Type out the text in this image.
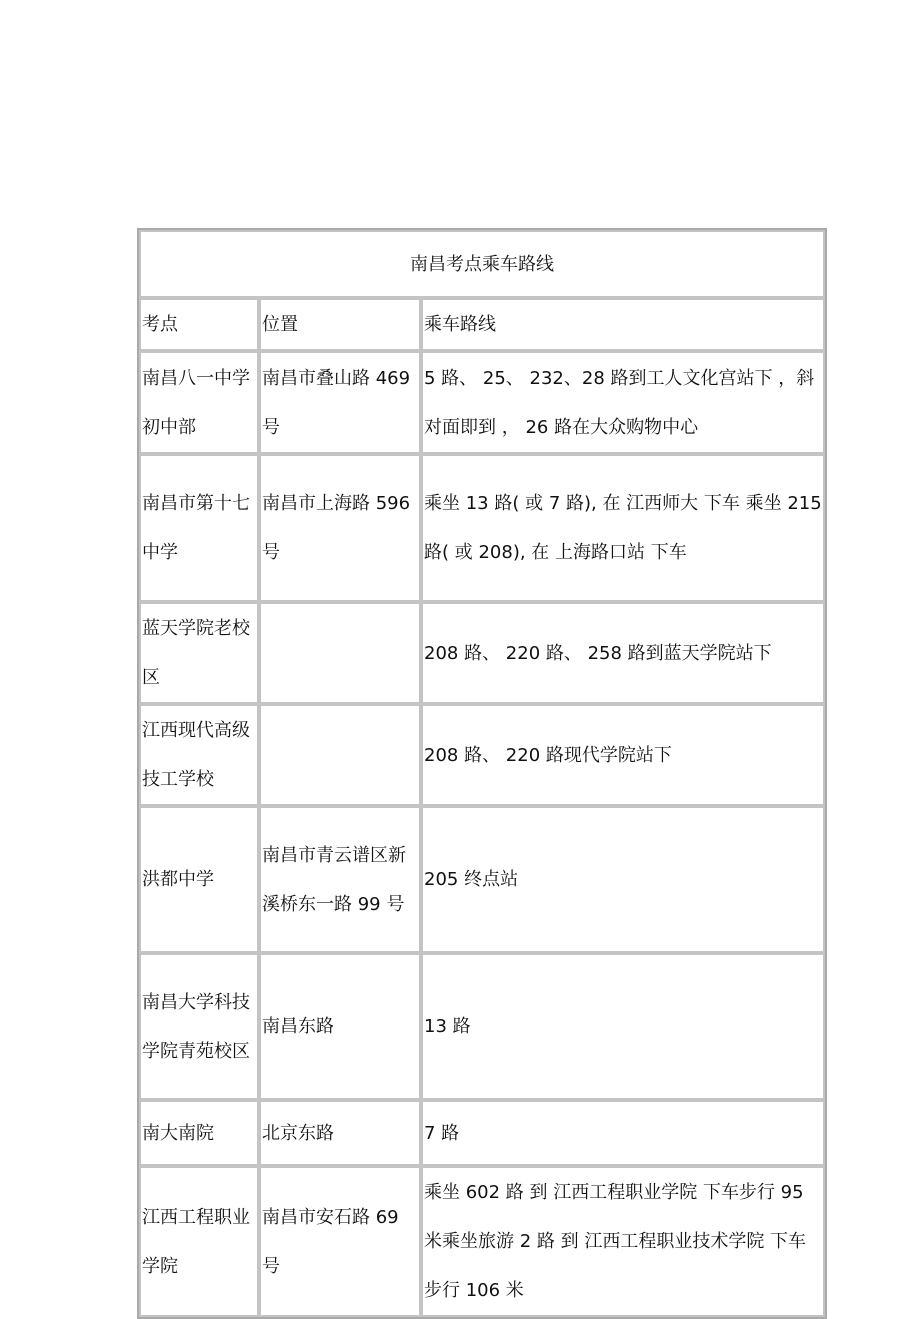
南昌考点乘车路线		
考点	位置	乘车路线
南昌八一中学初中部	南昌市叠山路 469 号	5 路、 25、 232、28 路到工人文化宫站下 ，斜对面即到 ， 26 路在大众购物中心
南昌市第十七中学	南昌市上海路 596 号	乘坐 13 路( 或 7 路), 在 江西师大 下车 乘坐 215 路( 或 208), 在 上海路口站 下车
蓝天学院老校区		208 路、 220 路、 258 路到蓝天学院站下
江西现代高级技工学校		208 路、 220 路现代学院站下
洪都中学	南昌市青云谱区新溪桥东一路 99 号	205 终点站
南昌大学科技学院青苑校区	南昌东路	13 路
南大南院	北京东路	7 路
江西工程职业学院	南昌市安石路 69 号	乘坐 602 路 到 江西工程职业学院 下车步行 95 米乘坐旅游 2 路 到 江西工程职业技术学院 下车步行 106 米
